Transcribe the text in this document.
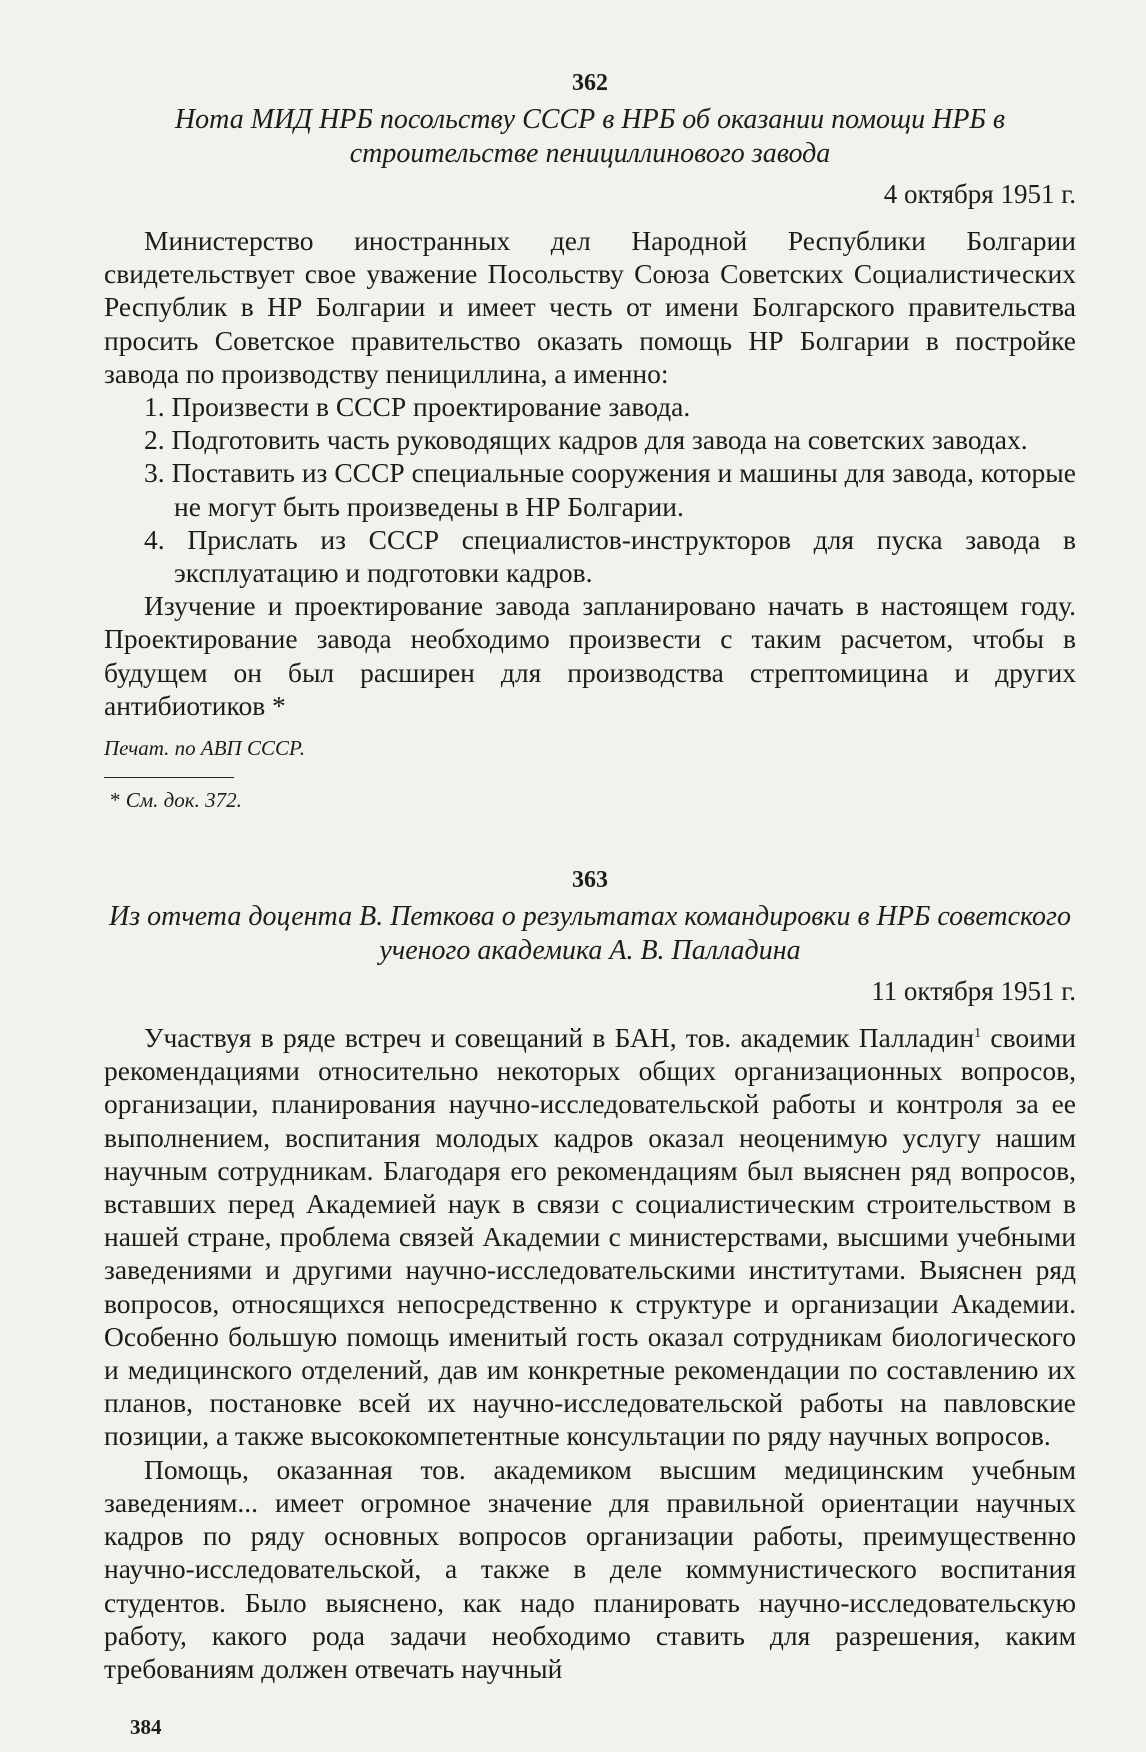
362
Нота МИД НРБ посольству СССР в НРБ об оказании помощи НРБ в строительстве пенициллинового завода
4 октября 1951 г.

Министерство иностранных дел Народной Республики Болгарии свидетельствует свое уважение Посольству Союза Советских Социалистических Республик в НР Болгарии и имеет честь от имени Болгарского правительства просить Советское правительство оказать помощь НР Болгарии в постройке завода по производству пенициллина, а именно:

1. Произвести в СССР проектирование завода.
2. Подготовить часть руководящих кадров для завода на советских заводах.
3. Поставить из СССР специальные сооружения и машины для завода, которые не могут быть произведены в НР Болгарии.
4. Прислать из СССР специалистов-инструкторов для пуска завода в эксплуатацию и подготовки кадров.

Изучение и проектирование завода запланировано начать в настоящем году. Проектирование завода необходимо произвести с таким расчетом, чтобы в будущем он был расширен для производства стрептомицина и других антибиотиков *

Печат. по АВП СССР.
* См. док. 372.
363
Из отчета доцента В. Петкова о результатах командировки в НРБ советского ученого академика А. В. Палладина
11 октября 1951 г.

Участвуя в ряде встреч и совещаний в БАН, тов. академик Палладин$^1$ своими рекомендациями относительно некоторых общих организационных вопросов, организации, планирования научно-исследовательской работы и контроля за ее выполнением, воспитания молодых кадров оказал неоценимую услугу нашим научным сотрудникам. Благодаря его рекомендациям был выяснен ряд вопросов, вставших перед Академией наук в связи с социалистическим строительством в нашей стране, проблема связей Академии с министерствами, высшими учебными заведениями и другими научно-исследовательскими институтами. Выяснен ряд вопросов, относящихся непосредственно к структуре и организации Академии. Особенно большую помощь именитый гость оказал сотрудникам биологического и медицинского отделений, дав им конкретные рекомендации по составлению их планов, постановке всей их научно-исследовательской работы на павловские позиции, а также высококомпетентные консультации по ряду научных вопросов.

Помощь, оказанная тов. академиком высшим медицинским учебным заведениям... имеет огромное значение для правильной ориентации научных кадров по ряду основных вопросов организации работы, преимущественно научно-исследовательской, а также в деле коммунистического воспитания студентов. Было выяснено, как надо планировать научно-исследовательскую работу, какого рода задачи необходимо ставить для разрешения, каким требованиям должен отвечать научный

384
